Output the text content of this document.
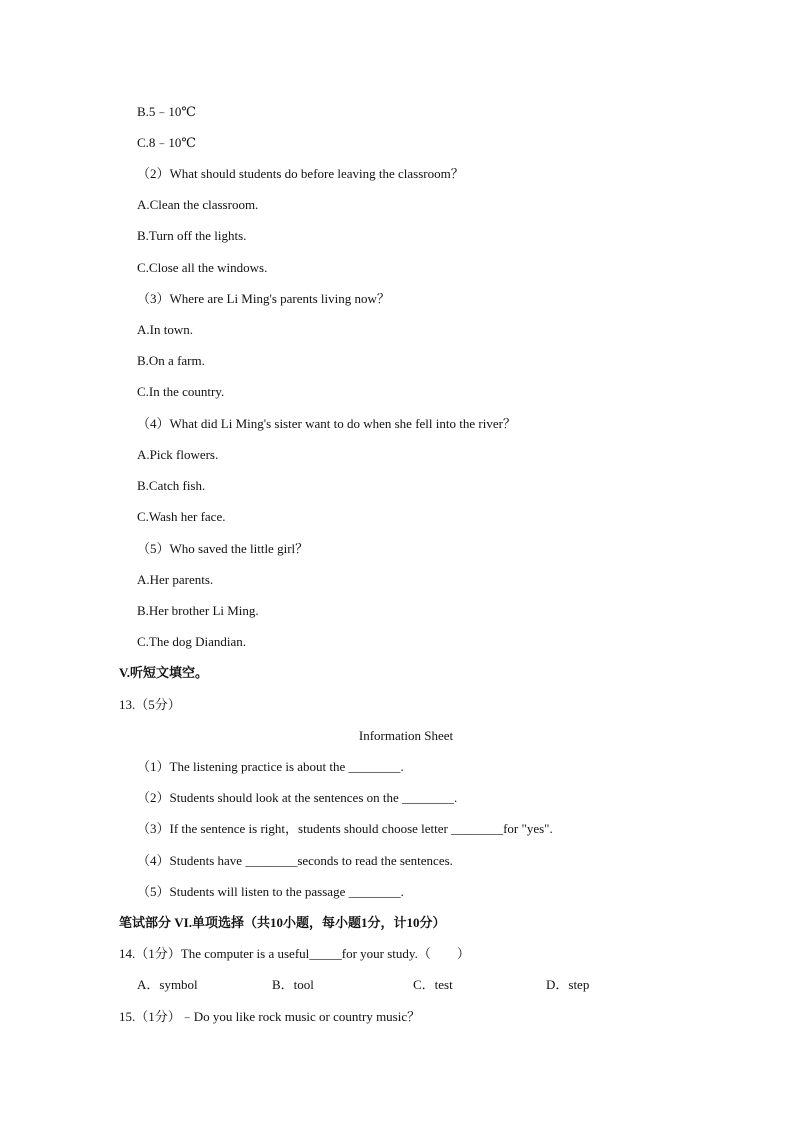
B.5﹣10℃
C.8﹣10℃
（2）What should students do before leaving the classroom？
A.Clean the classroom.
B.Turn off the lights.
C.Close all the windows.
（3）Where are Li Ming's parents living now？
A.In town.
B.On a farm.
C.In the country.
（4）What did Li Ming's sister want to do when she fell into the river？
A.Pick flowers.
B.Catch fish.
C.Wash her face.
（5）Who saved the little girl？
A.Her parents.
B.Her brother Li Ming.
C.The dog Diandian.
V.听短文填空。
13.（5分）
Information Sheet
（1）The listening practice is about the ________.
（2）Students should look at the sentences on the ________.
（3）If the sentence is right，students should choose letter ________for "yes".
（4）Students have ________seconds to read the sentences.
（5）Students will listen to the passage ________.
笔试部分 VI.单项选择（共10小题，每小题1分，计10分）
14.（1分）The computer is a useful_____for your study.（　　）
A．symbol	B．tool	C．test	D．step
15.（1分）﹣Do you like rock music or country music？
